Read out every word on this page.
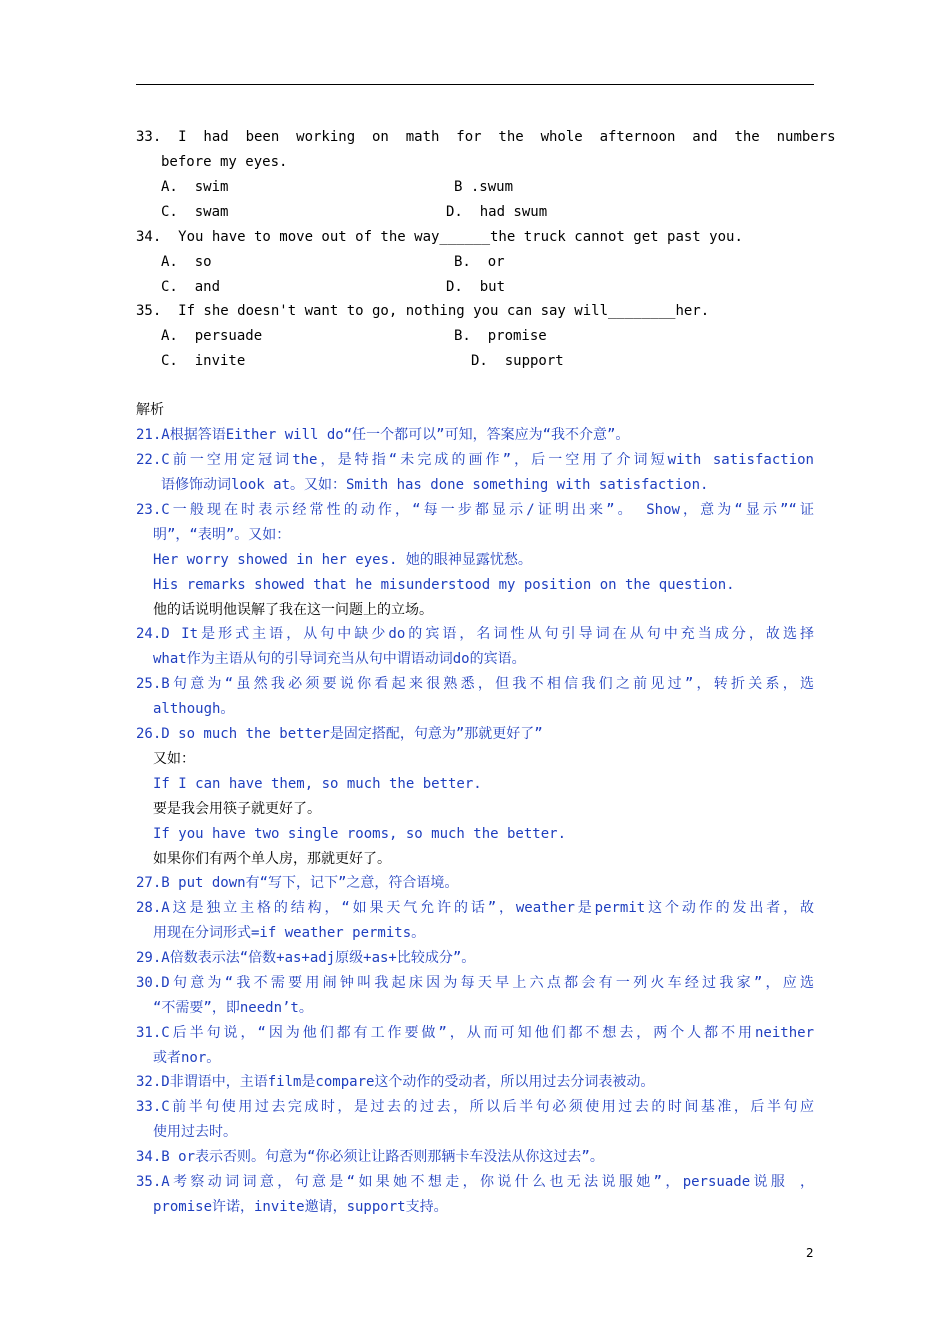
33.  I  had  been  working  on  math  for  the  whole  afternoon  and  the  numbers
before my eyes.
A.  swim	B .swum
C.  swam	D.  had swum
34.  You have to move out of the way______the truck cannot get past you.
A.  so	B.  or
C.  and	D.  but
35.  If she doesn't want to go, nothing you can say will________her.
A.  persuade	B.  promise
C.  invite	D.  support
解析
21.A根据答语Either will do“任一个都可以”可知，答案应为“我不介意”。
22.C前一空用定冠词the，是特指“未完成的画作”，后一空用了介词短with satisfaction
语修饰动词look at。又如：Smith has done something with satisfaction.
23.C一般现在时表示经常性的动作，“每一步都显示/证明出来”。 Show，意为“显示”“证
明”，“表明”。又如：
Her worry showed in her eyes. 她的眼神显露忧愁。
His remarks showed that he misunderstood my position on the question.
他的话说明他误解了我在这一问题上的立场。
24.D It是形式主语，从句中缺少do的宾语，名词性从句引导词在从句中充当成分，故选择
what作为主语从句的引导词充当从句中谓语动词do的宾语。
25.B句意为“虽然我必须要说你看起来很熟悉，但我不相信我们之前见过”，转折关系，选
although。
26.D so much the better是固定搭配，句意为”那就更好了”
又如：
If I can have them, so much the better.
要是我会用筷子就更好了。
If you have two single rooms, so much the better.
如果你们有两个单人房，那就更好了。
27.B put down有“写下，记下”之意，符合语境。
28.A这是独立主格的结构，“如果天气允许的话”，weather是permit这个动作的发出者，故
用现在分词形式=if weather permits。
29.A倍数表示法“倍数+as+adj原级+as+比较成分”。
30.D句意为“我不需要用闹钟叫我起床因为每天早上六点都会有一列火车经过我家”，应选
“不需要”，即needn’t。
31.C后半句说，“因为他们都有工作要做”，从而可知他们都不想去，两个人都不用neither
或者nor。
32.D非谓语中，主语film是compare这个动作的受动者，所以用过去分词表被动。
33.C前半句使用过去完成时，是过去的过去，所以后半句必须使用过去的时间基准，后半句应
使用过去时。
34.B or表示否则。句意为“你必须让让路否则那辆卡车没法从你这过去”。
35.A考察动词词意，句意是“如果她不想走，你说什么也无法说服她”，persuade说服 ，
promise许诺，invite邀请，support支持。
2
